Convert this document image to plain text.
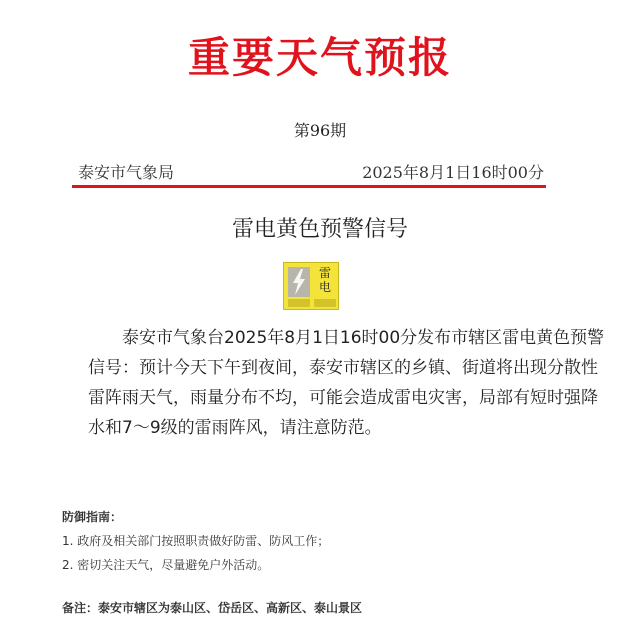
重要天气预报
第96期
泰安市气象局	2025年8月1日16时00分
雷电黄色预警信号
雷电

泰安市气象台2025年8月1日16时00分发布市辖区雷电黄色预警信号：预计今天下午到夜间，泰安市辖区的乡镇、街道将出现分散性雷阵雨天气，雨量分布不均，可能会造成雷电灾害，局部有短时强降水和7～9级的雷雨阵风，请注意防范。

防御指南：
1. 政府及相关部门按照职责做好防雷、防风工作；
2. 密切关注天气，尽量避免户外活动。
备注：泰安市辖区为泰山区、岱岳区、高新区、泰山景区
